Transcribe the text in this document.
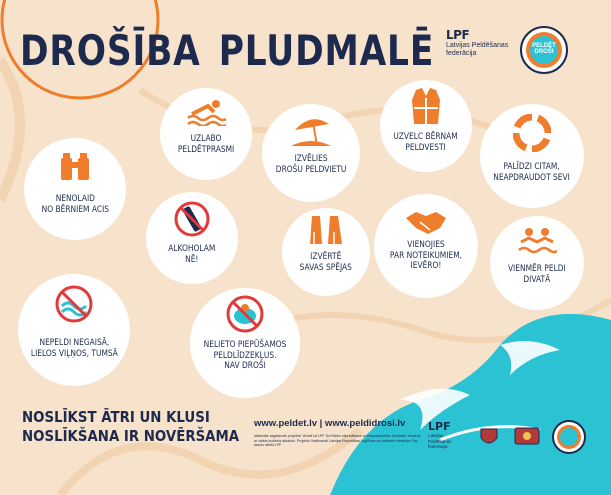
DROŠĪBA PLUDMALĒ LPF
Latvijas Peldēšanas
federācija
PELDĒT DROŠI
NENOLAID
NO BĒRNIEM ACIS
UZLABO
PELDĒTPRASMI
IZVĒLIES
DROŠU PELDVIETU
UZVELC BĒRNAM
PELDVESTI
PALĪDZI CITAM,
NEAPDRAUDOT SEVI
ALKOHOLAM
NĒ!	IZVĒRTĒ
SAVAS SPĒJAS
VIENOJIES
PAR NOTEIKUMIEM,
IEVĒRO!	VIENMĒR PELDI
DIVATĀ
NEPELDI NEGAISĀ,
LIELOS VIĻŅOS, TUMSĀ
NELIETO PIEPŪŠAMOS
PELDLĪDZEKĻUS.
NAV DROŠI
NOSLĪKST ĀTRI UN KLUSI
NOSLĪKŠANA IR NOVĒRŠAMA
www.peldet.lv | www.peldidrosi.lv
Materiāls sagatavots projekta "Arbeit ist LPF Dz?rīdien stiprināšana un mazsabiedrību drošības" ietvaros ar valsts budžeta atbalstu. Projektu līdzfinansē Latvijas Republikas Izglītības un zinātnes ministrija. Par saturu atbild LPF.
LPF
Latvijas Peldēšanas
federācija
